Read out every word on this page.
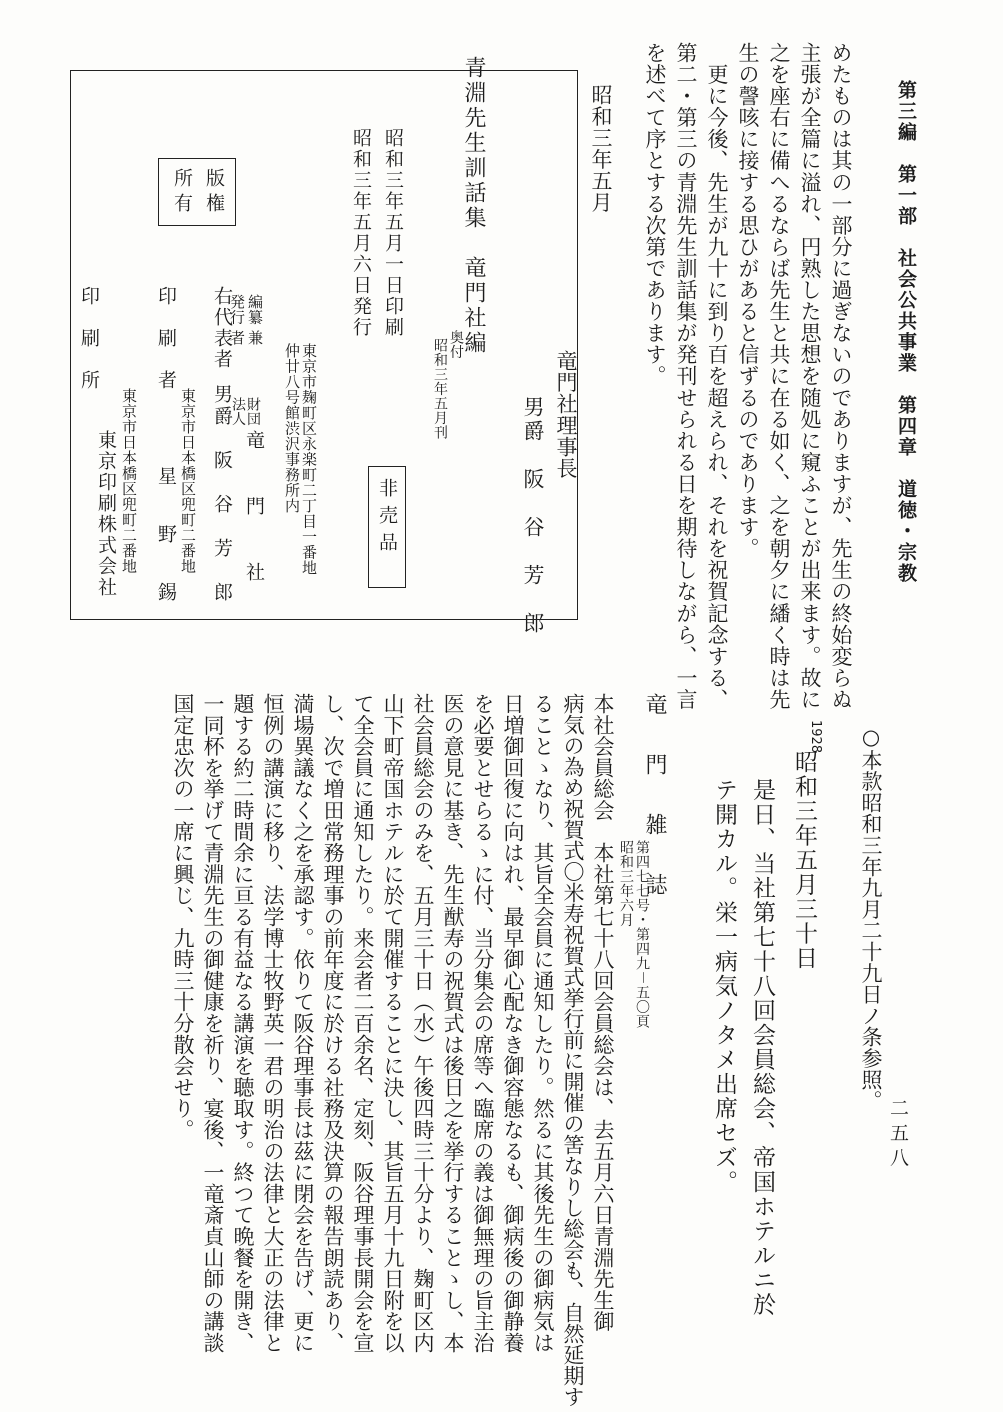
第三編　第一部　社会公共事業　第四章　道徳・宗教
二五八
めたものは其の一部分に過ぎないのでありますが、先生の終始変らぬ
主張が全篇に溢れ、円熟した思想を随処に窺ふことが出来ます。故に
之を座右に備へるならば先生と共に在る如く、之を朝夕に繙く時は先
生の謦咳に接する思ひがあると信ずるのであります。
　更に今後、先生が九十に到り百を超えられ、それを祝賀記念する、
第二・第三の青淵先生訓話集が発刊せられる日を期待しながら、一言
を述べて序とする次第であります。
昭和三年五月
竜門社理事長
男爵　阪　谷　芳　郎
青淵先生訓話集　竜門社編
奥付
昭和三年五月刊
昭和三年五月一日印刷
昭和三年五月六日発行
非売品
版権
所有
東京市麹町区永楽町二丁目一番地
仲廿八号館渋沢事務所内
編纂
兼
発行
者
財団
法人
竜　門　社
右代表者
男爵　阪　谷　芳　郎
東京市日本橋区兜町二番地
印　刷　者
星　野　錫
東京市日本橋区兜町二番地
印　刷　所
東京印刷株式会社
○本款昭和三年九月二十九日ノ条参照。
1928
昭和三年五月三十日
是日、当社第七十八回会員総会、帝国ホテルニ於
テ開カル。栄一病気ノタメ出席セズ。
竜　門　雑　誌
第四七七号・第四九－五〇頁
昭和三年六月
本社会員総会　本社第七十八回会員総会は、去五月六日青淵先生御
病気の為め祝賀式〇米寿祝賀式挙行前に開催の筈なりし総会も、自然延期す
ることゝなり、其旨全会員に通知したり。然るに其後先生の御病気は
日増御回復に向はれ、最早御心配なき御容態なるも、御病後の御静養
を必要とせらるゝに付、当分集会の席等へ臨席の義は御無理の旨主治
医の意見に基き、先生猷寿の祝賀式は後日之を挙行することゝし、本
社会員総会のみを、五月三十日（水）午後四時三十分より、麹町区内
山下町帝国ホテルに於て開催することに決し、其旨五月十九日附を以
て全会員に通知したり。来会者二百余名、定刻、阪谷理事長開会を宣
し、次で増田常務理事の前年度に於ける社務及決算の報告朗読あり、
満場異議なく之を承認す。依りて阪谷理事長は茲に閉会を告げ、更に
恒例の講演に移り、法学博士牧野英一君の明治の法律と大正の法律と
題する約二時間余に亘る有益なる講演を聴取す。終つて晩餐を開き、
一同杯を挙げて青淵先生の御健康を祈り、宴後、一竜斎貞山師の講談
国定忠次の一席に興じ、九時三十分散会せり。
